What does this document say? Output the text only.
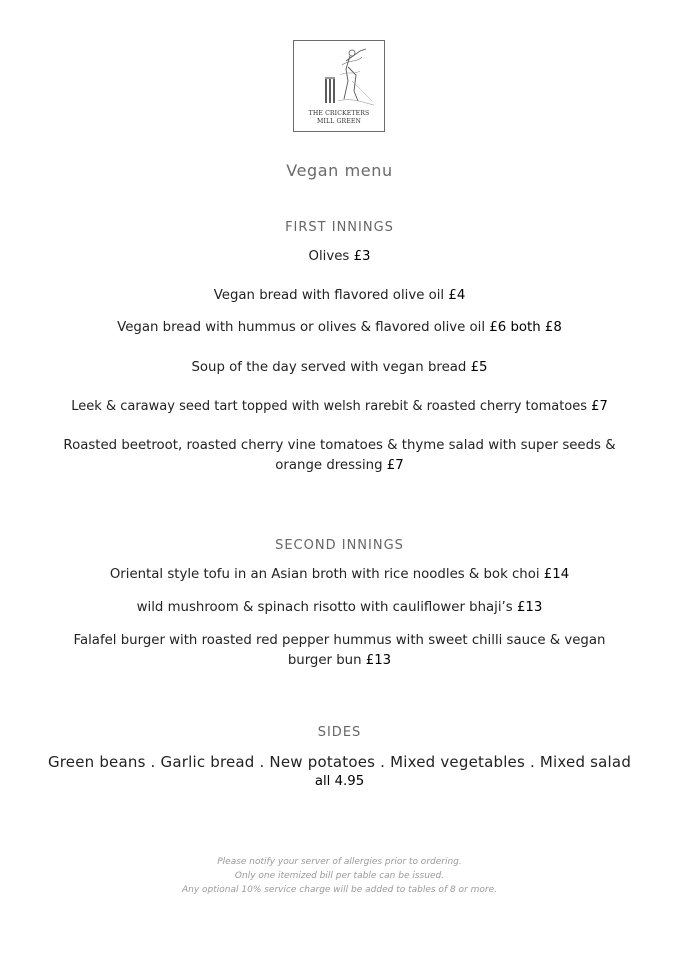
THE CRICKETERS
MILL GREEN
Vegan menu
FIRST INNINGS
Olives £3
Vegan bread with flavored olive oil £4
Vegan bread with hummus or olives & flavored olive oil £6 both £8
Soup of the day served with vegan bread £5
Leek & caraway seed tart topped with welsh rarebit & roasted cherry tomatoes £7
Roasted beetroot, roasted cherry vine tomatoes & thyme salad with super seeds & orange dressing £7
SECOND INNINGS
Oriental style tofu in an Asian broth with rice noodles & bok choi £14
wild mushroom & spinach risotto with cauliflower bhaji’s £13
Falafel burger with roasted red pepper hummus with sweet chilli sauce & vegan burger bun £13
SIDES
Green beans . Garlic bread . New potatoes . Mixed vegetables . Mixed salad
all 4.95
Please notify your server of allergies prior to ordering.
Only one itemized bill per table can be issued.
Any optional 10% service charge will be added to tables of 8 or more.
